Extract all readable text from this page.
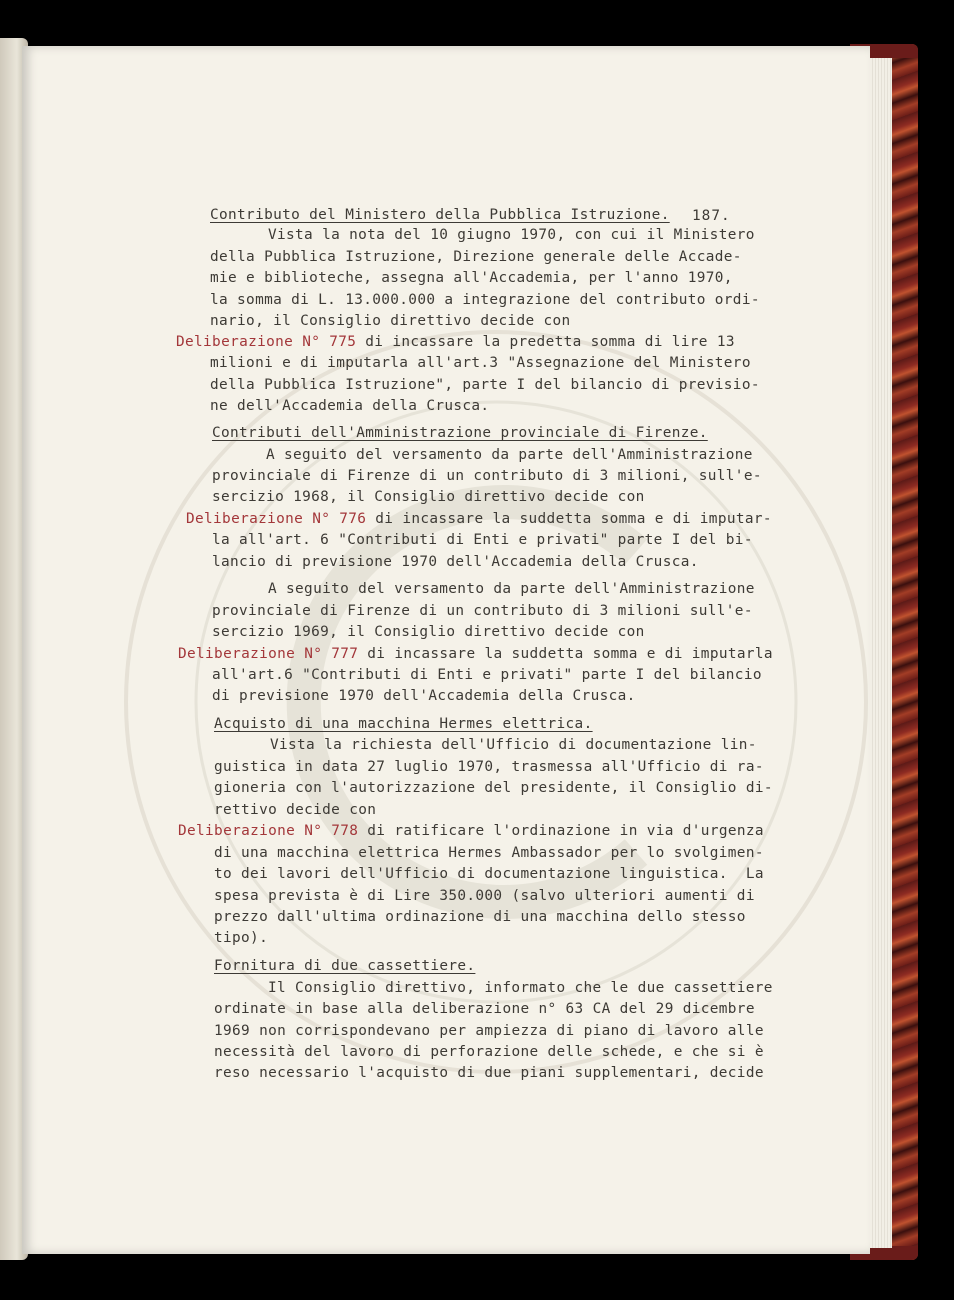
187.
Contributo del Ministero della Pubblica Istruzione.
Vista la nota del 10 giugno 1970, con cui il Ministero
della Pubblica Istruzione, Direzione generale delle Accade-
mie e biblioteche, assegna all'Accademia, per l'anno 1970,
la somma di L. 13.000.000 a integrazione del contributo ordi-
nario, il Consiglio direttivo decide con
Deliberazione N° 775 di incassare la predetta somma di lire 13
milioni e di imputarla all'art.3 "Assegnazione del Ministero
della Pubblica Istruzione", parte I del bilancio di previsio-
ne dell'Accademia della Crusca.
Contributi dell'Amministrazione provinciale di Firenze.
A seguito del versamento da parte dell'Amministrazione
provinciale di Firenze di un contributo di 3 milioni, sull'e-
sercizio 1968, il Consiglio direttivo decide con
Deliberazione N° 776 di incassare la suddetta somma e di imputar-
la all'art. 6 "Contributi di Enti e privati" parte I del bi-
lancio di previsione 1970 dell'Accademia della Crusca.
A seguito del versamento da parte dell'Amministrazione
provinciale di Firenze di un contributo di 3 milioni sull'e-
sercizio 1969, il Consiglio direttivo decide con
Deliberazione N° 777 di incassare la suddetta somma e di imputarla
all'art.6 "Contributi di Enti e privati" parte I del bilancio
di previsione 1970 dell'Accademia della Crusca.
Acquisto di una macchina Hermes elettrica.
Vista la richiesta dell'Ufficio di documentazione lin-
guistica in data 27 luglio 1970, trasmessa all'Ufficio di ra-
gioneria con l'autorizzazione del presidente, il Consiglio di-
rettivo decide con
Deliberazione N° 778 di ratificare l'ordinazione in via d'urgenza
di una macchina elettrica Hermes Ambassador per lo svolgimen-
to dei lavori dell'Ufficio di documentazione linguistica.  La
spesa prevista è di Lire 350.000 (salvo ulteriori aumenti di
prezzo dall'ultima ordinazione di una macchina dello stesso
tipo).
Fornitura di due cassettiere.
Il Consiglio direttivo, informato che le due cassettiere
ordinate in base alla deliberazione n° 63 CA del 29 dicembre
1969 non corrispondevano per ampiezza di piano di lavoro alle
necessità del lavoro di perforazione delle schede, e che si è
reso necessario l'acquisto di due piani supplementari, decide
